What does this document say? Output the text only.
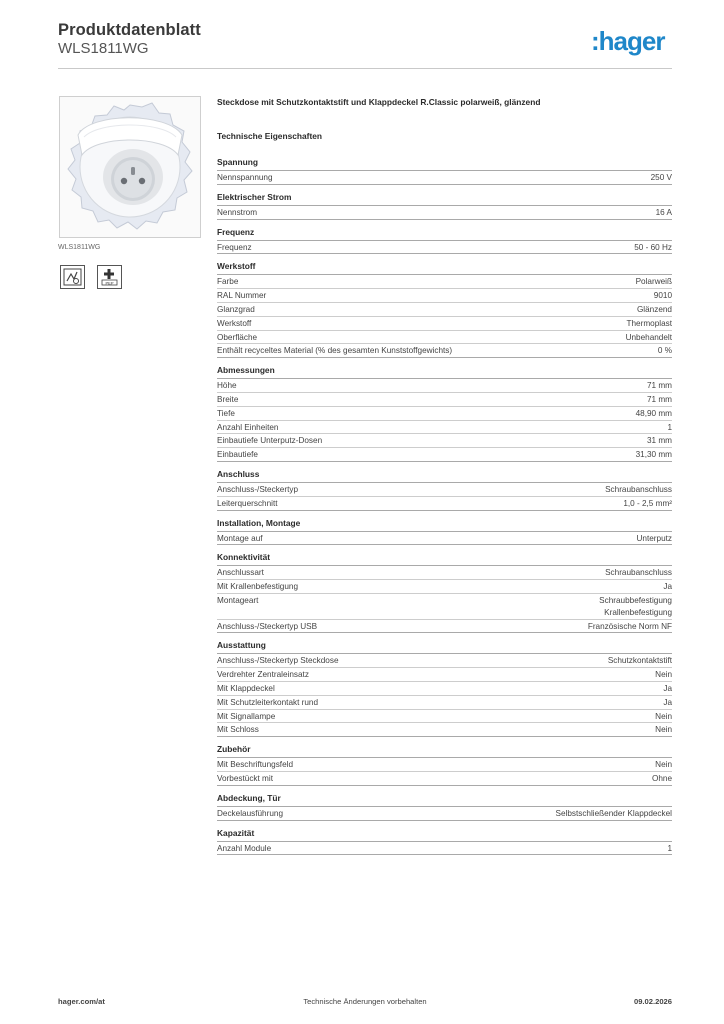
Produktdatenblatt
WLS1811WG	:hager
WLS1811WG
PEP
Steckdose mit Schutzkontaktstift und Klappdeckel R.Classic polarweiß, glänzend
Technische Eigenschaften
Spannung
Nennspannung	250 V
Elektrischer Strom
Nennstrom	16 A
Frequenz
Frequenz	50 - 60 Hz
Werkstoff
Farbe	Polarweiß
RAL Nummer	9010
Glanzgrad	Glänzend
Werkstoff	Thermoplast
Oberfläche	Unbehandelt
Enthält recyceltes Material (% des gesamten Kunststoffgewichts)	0 %
Abmessungen
Höhe	71 mm
Breite	71 mm
Tiefe	48,90 mm
Anzahl Einheiten	1
Einbautiefe Unterputz-Dosen	31 mm
Einbautiefe	31,30 mm
Anschluss
Anschluss-/Steckertyp	Schraubanschluss
Leiterquerschnitt	1,0 - 2,5 mm²
Installation, Montage
Montage auf	Unterputz
Konnektivität
Anschlussart	Schraubanschluss
Mit Krallenbefestigung	Ja
Montageart	Schraubbefestigung
Krallenbefestigung
Anschluss-/Steckertyp USB	Französische Norm NF
Ausstattung
Anschluss-/Steckertyp Steckdose	Schutzkontaktstift
Verdrehter Zentraleinsatz	Nein
Mit Klappdeckel	Ja
Mit Schutzleiterkontakt rund	Ja
Mit Signallampe	Nein
Mit Schloss	Nein
Zubehör
Mit Beschriftungsfeld	Nein
Vorbestückt mit	Ohne
Abdeckung, Tür
Deckelausführung	Selbstschließender Klappdeckel
Kapazität
Anzahl Module	1
hager.com/at	Technische Änderungen vorbehalten	09.02.2026
